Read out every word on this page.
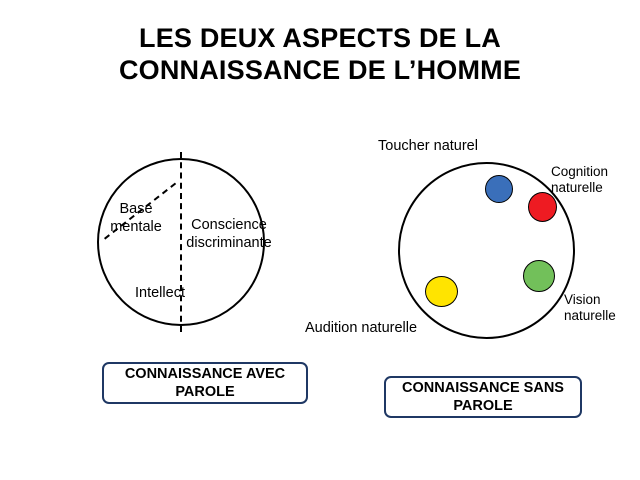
LES DEUX ASPECTS DE LA
CONNAISSANCE DE L’HOMME
Base mentale	Conscience discriminante
Intellect
Toucher naturel
Cognition naturelle
Vision naturelle
Audition naturelle
CONNAISSANCE AVEC
PAROLE	CONNAISSANCE SANS
PAROLE
